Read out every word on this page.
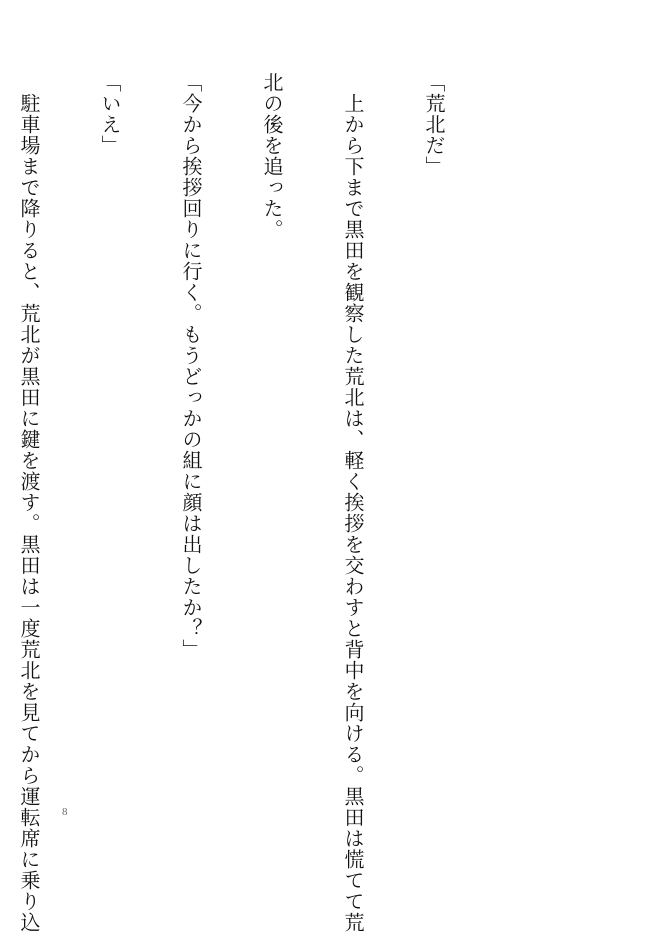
「荒北だ」

　上から下まで黒田を観察した荒北は、軽く挨拶を交わすと背中を向ける。黒田は慌てて荒

北の後を追った。

「今から挨拶回りに行く。もうどっかの組に顔は出したか？」

「いえ」

　駐車場まで降りると、荒北が黒田に鍵を渡す。黒田は一度荒北を見てから運転席に乗り込

8
